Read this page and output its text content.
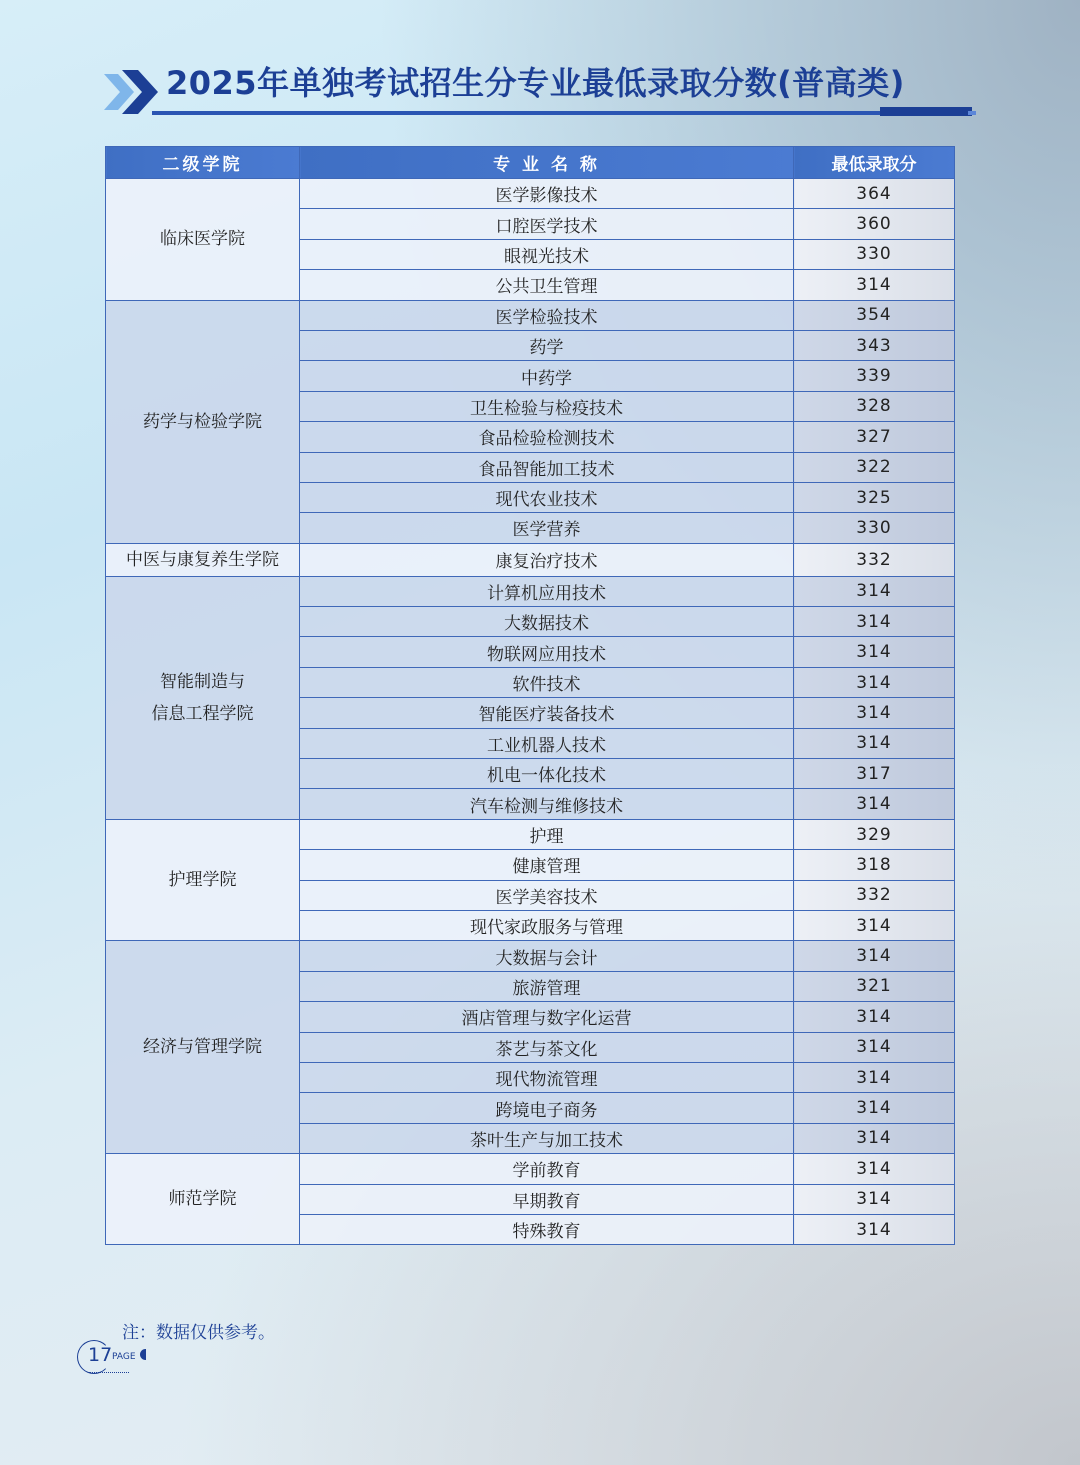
2025年单独考试招生分专业最低录取分数(普高类)
二级学院	专 业 名 称	最低录取分
临床医学院	医学影像技术	364
	口腔医学技术	360
	眼视光技术	330
	公共卫生管理	314
药学与检验学院	医学检验技术	354
	药学	343
	中药学	339
	卫生检验与检疫技术	328
	食品检验检测技术	327
	食品智能加工技术	322
	现代农业技术	325
	医学营养	330
中医与康复养生学院	康复治疗技术	332

智能制造与
信息工程学院	计算机应用技术	314
	大数据技术	314
	物联网应用技术	314
	软件技术	314
	智能医疗装备技术	314
	工业机器人技术	314
	机电一体化技术	317
	汽车检测与维修技术	314
护理学院	护理	329
	健康管理	318
	医学美容技术	332
	现代家政服务与管理	314
经济与管理学院	大数据与会计	314
	旅游管理	321
	酒店管理与数字化运营	314
	茶艺与茶文化	314
	现代物流管理	314
	跨境电子商务	314
	茶叶生产与加工技术	314
师范学院	学前教育	314
	早期教育	314
	特殊教育	314
注：数据仅供参考。
17 PAGE
